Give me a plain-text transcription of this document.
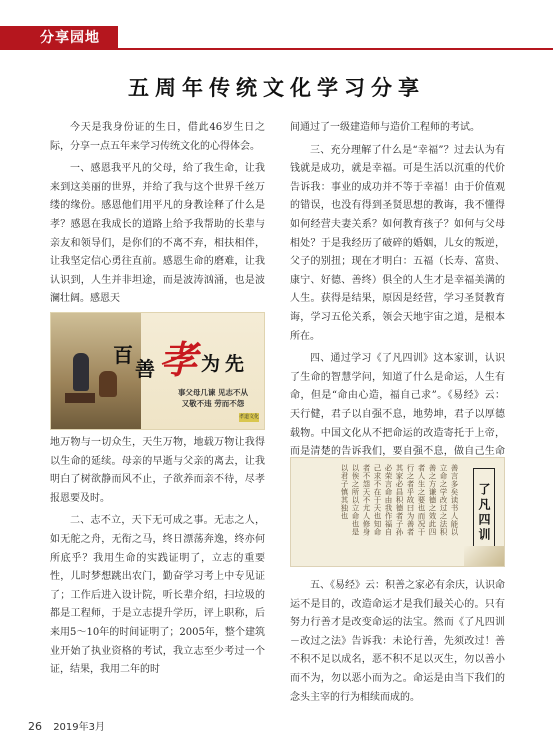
分享园地
五周年传统文化学习分享

今天是我身份证的生日，借此46岁生日之际，分享一点五年来学习传统文化的心得体会。

一、感恩我平凡的父母，给了我生命，让我来到这美丽的世界，并给了我与这个世界千丝万缕的缘份。感恩他们用平凡的身教诠释了什么是孝？感恩在我成长的道路上给予我帮助的长辈与亲友和领导们，是你们的不离不弃，相扶相伴，让我坚定信心勇往直前。感恩生命的磨难，让我认识到，人生并非坦途，而是波涛汹涌，也是波澜壮阔。感恩天

百
善 孝 为 先
事父母几谏 见志不从
又敬不违 劳而不怨
孝道文化

地万物与一切众生，天生万物，地载万物让我得以生命的延续。母亲的早逝与父亲的离去，让我明白了树欲静而风不止，子欲养而亲不待，尽孝报恩要及时。

二、志不立，天下无可成之事。无志之人，如无舵之舟，无衔之马，终日漂荡奔逸，终亦何所底乎？我用生命的实践证明了，立志的重要性，儿时梦想跳出农门，勤奋学习考上中专见证了；工作后进入设计院，听长辈介绍，扫垃圾的都是工程师，于是立志提升学历，评上职称，后来用5～10年的时间证明了；2005年，整个建筑业开始了执业资格的考试，我立志至少考过一个证，结果，我用二年的时

间通过了一级建造师与造价工程师的考试。

三、充分理解了什么是“幸福”？过去认为有钱就是成功，就是幸福。可是生活以沉重的代价告诉我：事业的成功并不等于幸福！由于价值观的错误，也没有得到圣贤思想的教诲，我不懂得如何经营夫妻关系？如何教育孩子？如何与父母相处？于是我经历了破碎的婚姻，儿女的叛逆，父子的别扭；现在才明白：五福（长寿、富贵、康宁、好德、善终）俱全的人生才是幸福美满的人生。获得是结果，原因是经营，学习圣贤教育诲，学习五伦关系，领会天地宇宙之道，是根本所在。

四、通过学习《了凡四训》这本家训，认识了生命的智慧学问，知道了什么是命运，人生有命，但是“命由心造，福自己求”。《易经》云：天行健，君子以自强不息，地势坤，君子以厚德载物。中国文化从不把命运的改造寄托于上帝，而是清楚的告诉我们，要自强不息，做自己生命

善言多矣读书人能以
立命之学改过之法积
善之方谦德之效此四
者人生之要也而况于
行之者乎故曰为善者
其家必昌积德者子孙
必荣言命由我作福自
己求不在于天也知命
者不怨天不尤人修身
以俟之所以立命也是
以君子慎其独也	了凡四训

五、《易经》云：积善之家必有余庆，认识命运不是目的，改造命运才是我们最关心的。只有努力行善才是改变命运的法宝。然而《了凡四训－改过之法》告诉我：未论行善，先须改过！善不积不足以成名，恶不积不足以灭生，勿以善小而不为，勿以恶小而为之。命运是由当下我们的念头主宰的行为相续而成的。

26 2019年3月
